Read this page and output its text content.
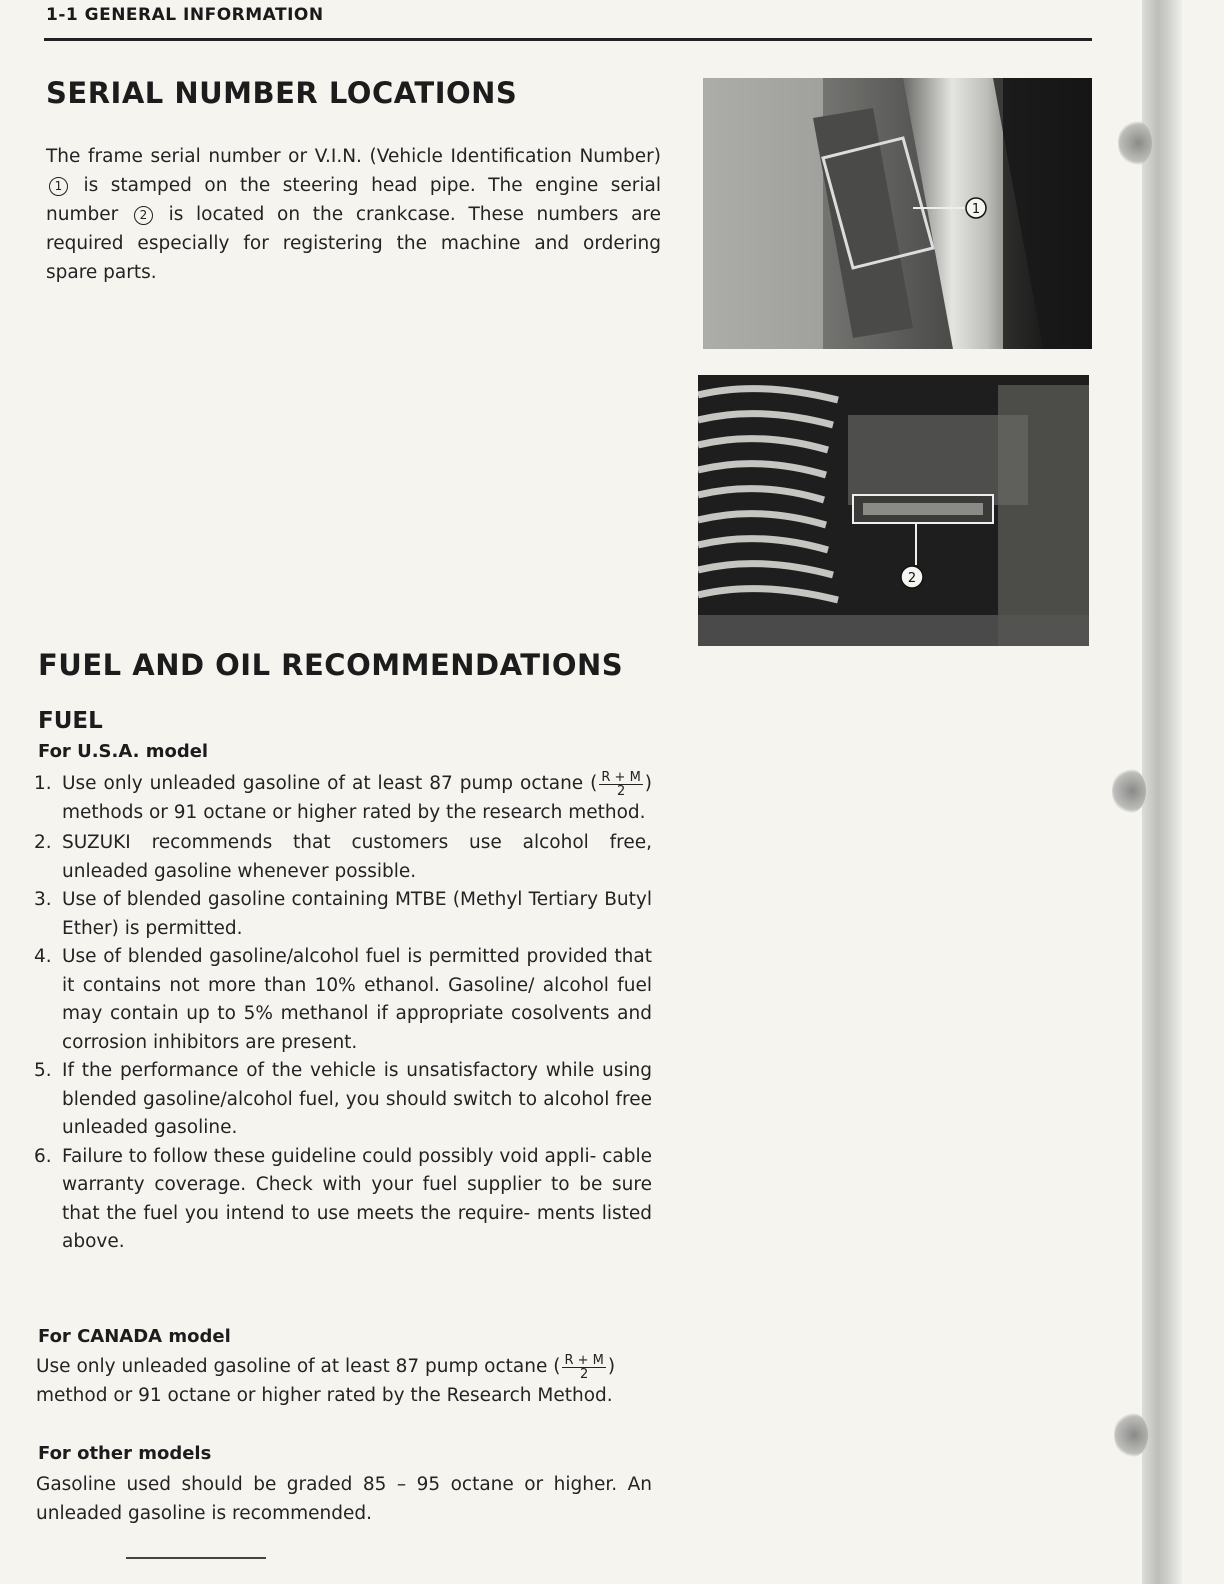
1-1 GENERAL INFORMATION
SERIAL NUMBER LOCATIONS

The frame serial number or V.I.N. (Vehicle Identification Number) 1 is stamped on the steering head pipe. The engine serial number 2 is located on the crankcase. These numbers are required especially for registering the machine and ordering spare parts.

1
2
FUEL AND OIL RECOMMENDATIONS
FUEL
For U.S.A. model
1. Use only unleaded gasoline of at least 87 pump octane ( $\frac{R + M}{2}$ ) methods or 91 octane or higher rated by the research method.
2. SUZUKI recommends that customers use alcohol free, unleaded gasoline whenever possible.
3. Use of blended gasoline containing MTBE (Methyl Tertiary Butyl Ether) is permitted.
4. Use of blended gasoline/alcohol fuel is permitted provided that it contains not more than 10% ethanol. Gasoline/ alcohol fuel may contain up to 5% methanol if appropriate cosolvents and corrosion inhibitors are present.
5. If the performance of the vehicle is unsatisfactory while using blended gasoline/alcohol fuel, you should switch to alcohol free unleaded gasoline.
6. Failure to follow these guideline could possibly void appli- cable warranty coverage. Check with your fuel supplier to be sure that the fuel you intend to use meets the require- ments listed above.
For CANADA model

Use only unleaded gasoline of at least 87 pump octane ( $\frac{R + M}{2}$ ) method or 91 octane or higher rated by the Research Method.

For other models

Gasoline used should be graded 85 – 95 octane or higher. An unleaded gasoline is recommended.
